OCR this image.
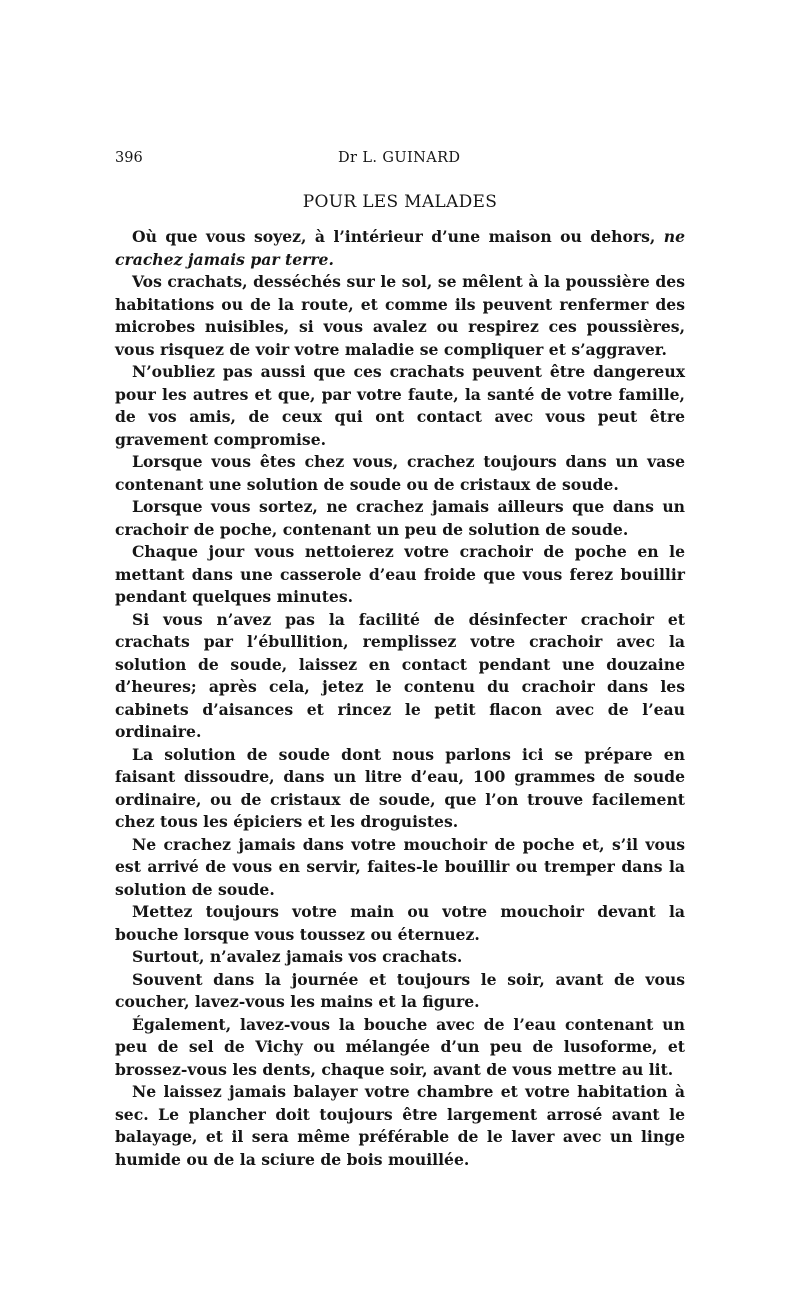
396	Dr L. GUINARD
POUR LES MALADES

Où que vous soyez, à l’intérieur d’une maison ou dehors, ne crachez jamais par terre.

Vos crachats, desséchés sur le sol, se mêlent à la poussière des habitations ou de la route, et comme ils peuvent renfermer des microbes nuisibles, si vous avalez ou respirez ces poussières, vous risquez de voir votre maladie se compliquer et s’aggraver.

N’oubliez pas aussi que ces crachats peuvent être dangereux pour les autres et que, par votre faute, la santé de votre famille, de vos amis, de ceux qui ont contact avec vous peut être gravement compromise.

Lorsque vous êtes chez vous, crachez toujours dans un vase contenant une solution de soude ou de cristaux de soude.

Lorsque vous sortez, ne crachez jamais ailleurs que dans un crachoir de poche, contenant un peu de solution de soude.

Chaque jour vous nettoierez votre crachoir de poche en le mettant dans une casserole d’eau froide que vous ferez bouillir pendant quelques minutes.

Si vous n’avez pas la facilité de désinfecter crachoir et crachats par l’ébullition, remplissez votre crachoir avec la solution de soude, laissez en contact pendant une douzaine d’heures; après cela, jetez le contenu du crachoir dans les cabinets d’aisances et rincez le petit flacon avec de l’eau ordinaire.

La solution de soude dont nous parlons ici se prépare en faisant dissoudre, dans un litre d’eau, 100 grammes de soude ordinaire, ou de cristaux de soude, que l’on trouve facilement chez tous les épiciers et les droguistes.

Ne crachez jamais dans votre mouchoir de poche et, s’il vous est arrivé de vous en servir, faites-le bouillir ou tremper dans la solution de soude.

Mettez toujours votre main ou votre mouchoir devant la bouche lorsque vous toussez ou éternuez.

Surtout, n’avalez jamais vos crachats.

Souvent dans la journée et toujours le soir, avant de vous coucher, lavez-vous les mains et la figure.

Également, lavez-vous la bouche avec de l’eau contenant un peu de sel de Vichy ou mélangée d’un peu de lusoforme, et brossez-vous les dents, chaque soir, avant de vous mettre au lit.

Ne laissez jamais balayer votre chambre et votre habitation à sec. Le plancher doit toujours être largement arrosé avant le balayage, et il sera même préférable de le laver avec un linge humide ou de la sciure de bois mouillée.
